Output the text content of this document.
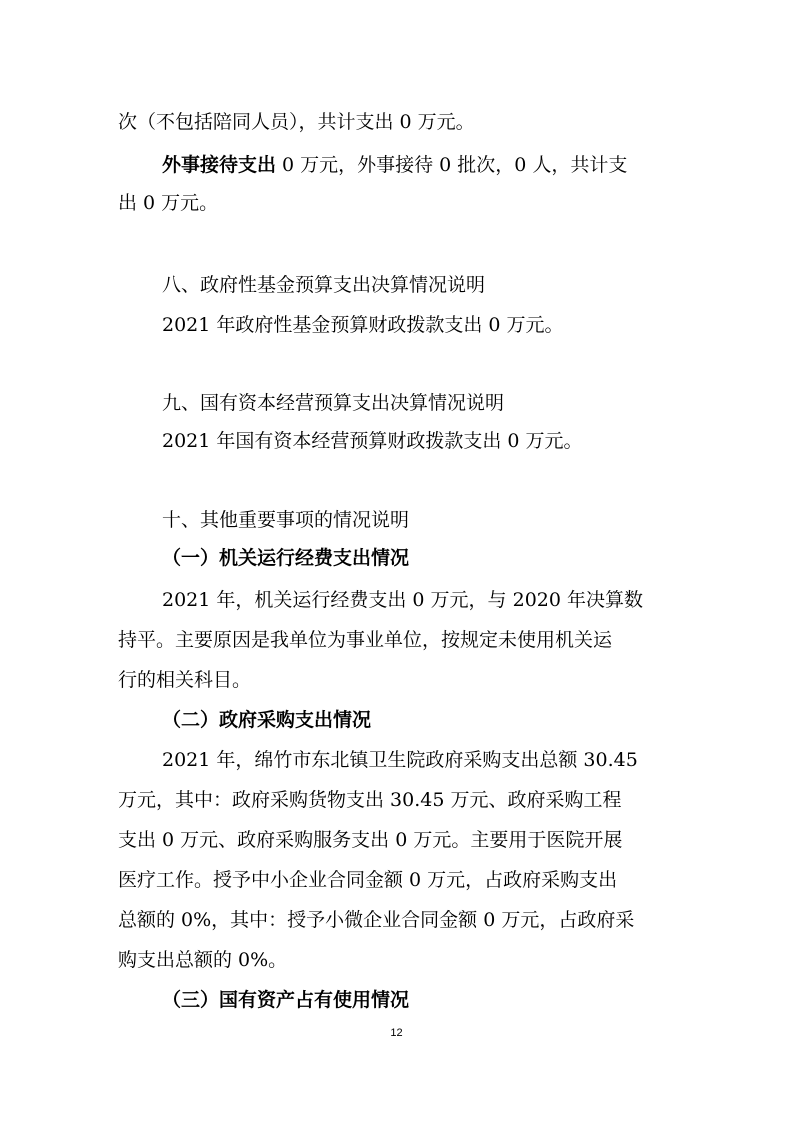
次（不包括陪同人员），共计支出 0 万元。
外事接待支出 0 万元，外事接待 0 批次，0 人，共计支
出 0 万元。
八、政府性基金预算支出决算情况说明
2021 年政府性基金预算财政拨款支出 0 万元。
九、国有资本经营预算支出决算情况说明
2021 年国有资本经营预算财政拨款支出 0 万元。
十、其他重要事项的情况说明
（一）机关运行经费支出情况
2021 年，机关运行经费支出 0 万元，与 2020 年决算数
持平。主要原因是我单位为事业单位，按规定未使用机关运
行的相关科目。
（二）政府采购支出情况
2021 年，绵竹市东北镇卫生院政府采购支出总额 30.45
万元，其中：政府采购货物支出 30.45 万元、政府采购工程
支出 0 万元、政府采购服务支出 0 万元。主要用于医院开展
医疗工作。授予中小企业合同金额 0 万元，占政府采购支出
总额的 0%，其中：授予小微企业合同金额 0 万元，占政府采
购支出总额的 0%。
（三）国有资产占有使用情况
12
